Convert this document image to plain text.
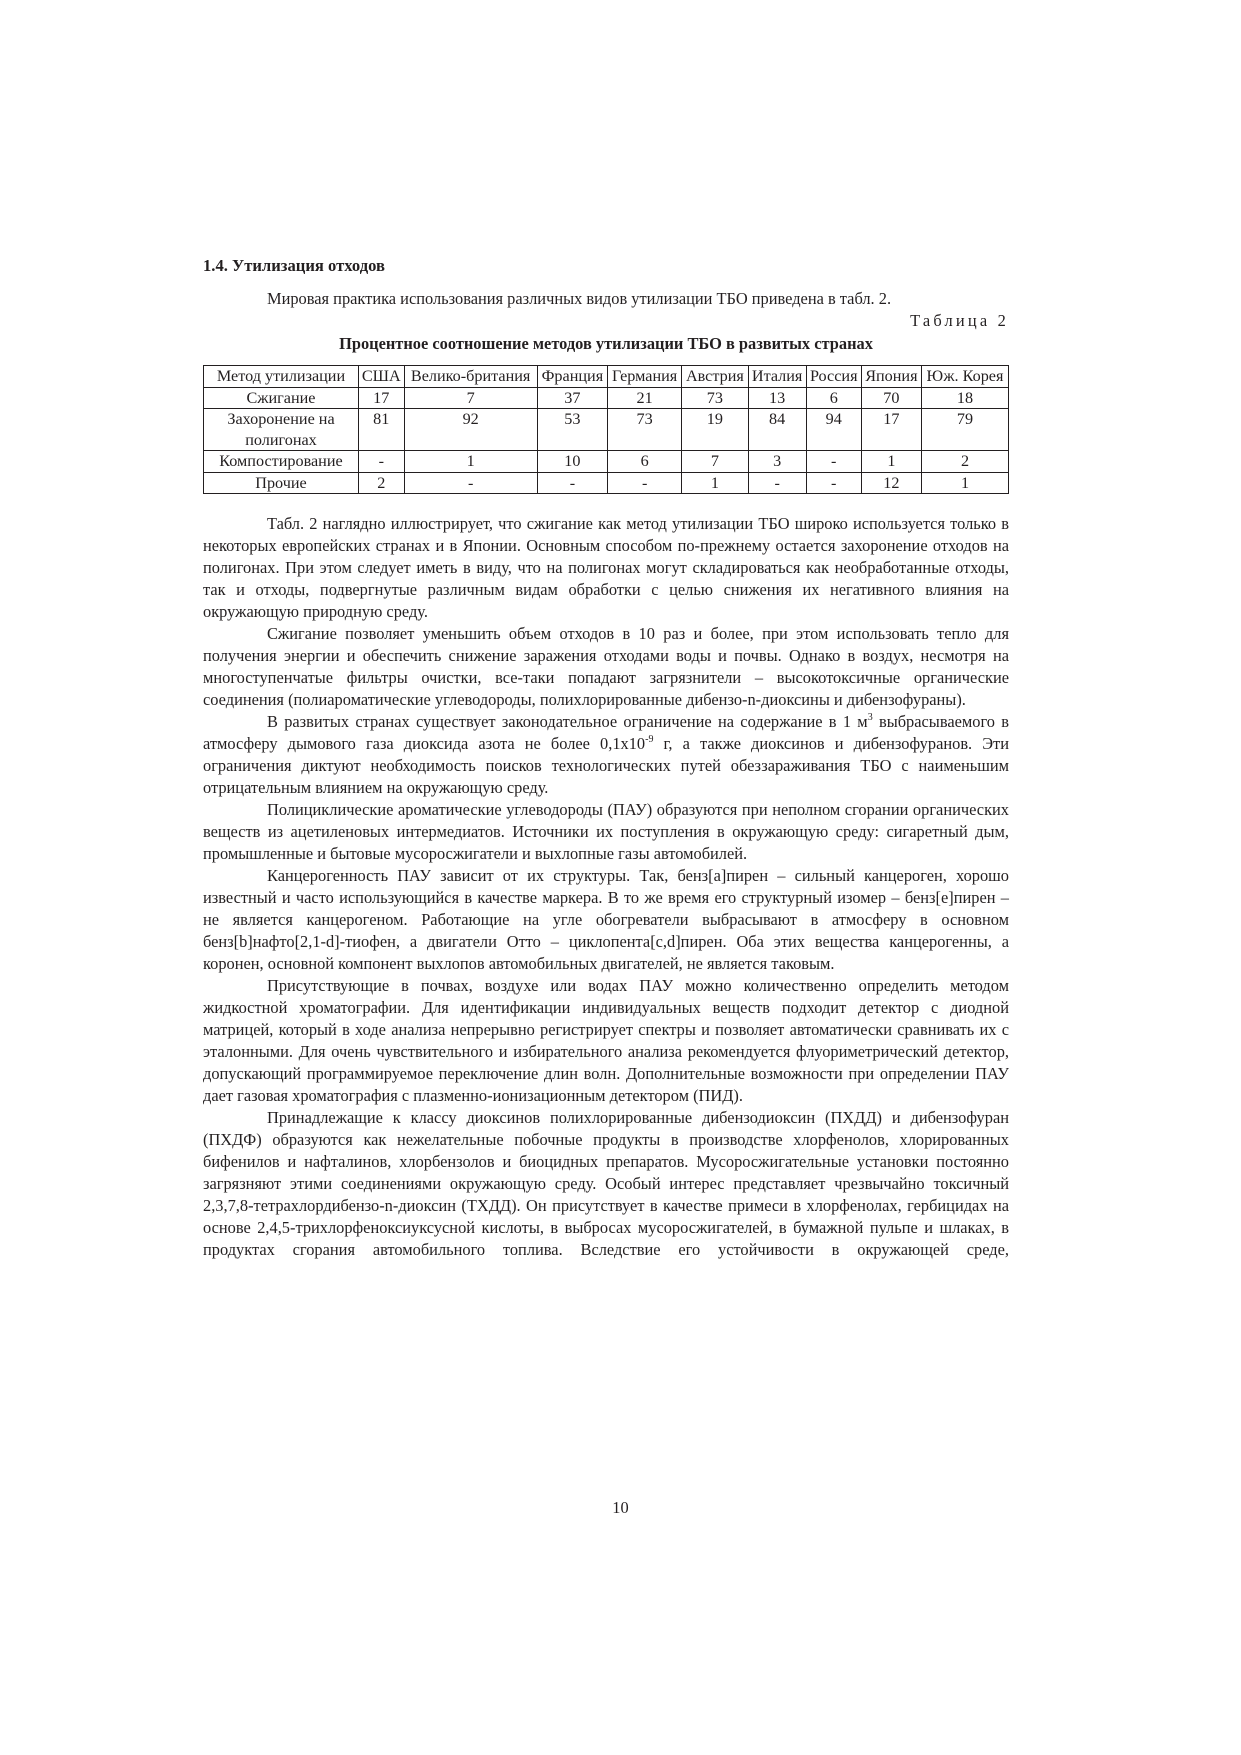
1.4. Утилизация отходов

Мировая практика использования различных видов утилизации ТБО приведена в табл. 2.

Таблица 2

Процентное соотношение методов утилизации ТБО в развитых странах

Метод утилизации	США	Велико-британия	Франция	Германия	Австрия	Италия	Россия	Япония	Юж. Корея
Сжигание	17	7	37	21	73	13	6	70	18
Захоронение на полигонах	81	92	53	73	19	84	94	17	79
Компостирование	-	1	10	6	7	3	-	1	2
Прочие	2	-	-	-	1	-	-	12	1

Табл. 2 наглядно иллюстрирует, что сжигание как метод утилизации ТБО широко используется только в некоторых европейских странах и в Японии. Основным способом по-прежнему остается захоронение отходов на полигонах. При этом следует иметь в виду, что на полигонах могут складироваться как необработанные отходы, так и отходы, подвергнутые различным видам обработки с целью снижения их негативного влияния на окружающую природную среду.

Сжигание позволяет уменьшить объем отходов в 10 раз и более, при этом использовать тепло для получения энергии и обеспечить снижение заражения отходами воды и почвы. Однако в воздух, несмотря на многоступенчатые фильтры очистки, все-таки попадают загрязнители – высокотоксичные органические соединения (полиароматические углеводороды, полихлорированные дибензо-n-диоксины и дибензофураны).

В развитых странах существует законодательное ограничение на содержание в 1 $м^3$ выбрасываемого в атмосферу дымового газа диоксида азота не более $0,1х10^{-9}$ г, а также диоксинов и дибензофуранов. Эти ограничения диктуют необходимость поисков технологических путей обеззараживания ТБО с наименьшим отрицательным влиянием на окружающую среду.

Полициклические ароматические углеводороды (ПАУ) образуются при неполном сгорании органических веществ из ацетиленовых интермедиатов. Источники их поступления в окружающую среду: сигаретный дым, промышленные и бытовые мусоросжигатели и выхлопные газы автомобилей.

Канцерогенность ПАУ зависит от их структуры. Так, бенз[а]пирен – сильный канцероген, хорошо известный и часто использующийся в качестве маркера. В то же время его структурный изомер – бенз[е]пирен – не является канцерогеном. Работающие на угле обогреватели выбрасывают в атмосферу в основном бенз[b]нафто[2,1-d]-тиофен, а двигатели Отто – циклопента[c,d]пирен. Оба этих вещества канцерогенны, а коронен, основной компонент выхлопов автомобильных двигателей, не является таковым.

Присутствующие в почвах, воздухе или водах ПАУ можно количественно определить методом жидкостной хроматографии. Для идентификации индивидуальных веществ подходит детектор с диодной матрицей, который в ходе анализа непрерывно регистрирует спектры и позволяет автоматически сравнивать их с эталонными. Для очень чувствительного и избирательного анализа рекомендуется флуориметрический детектор, допускающий программируемое переключение длин волн. Дополнительные возможности при определении ПАУ дает газовая хроматография с плазменно-ионизационным детектором (ПИД).

Принадлежащие к классу диоксинов полихлорированные дибензодиоксин (ПХДД) и дибензофуран (ПХДФ) образуются как нежелательные побочные продукты в производстве хлорфенолов, хлорированных бифенилов и нафталинов, хлорбензолов и биоцидных препаратов. Мусоросжигательные установки постоянно загрязняют этими соединениями окружающую среду. Особый интерес представляет чрезвычайно токсичный 2,3,7,8-тетрахлордибензо-n-диоксин (ТХДД). Он присутствует в качестве примеси в хлорфенолах, гербицидах на основе 2,4,5-трихлорфеноксиуксусной кислоты, в выбросах мусоросжигателей, в бумажной пульпе и шлаках, в продуктах сгорания автомобильного топлива. Вследствие его устойчивости в окружающей среде,

10
